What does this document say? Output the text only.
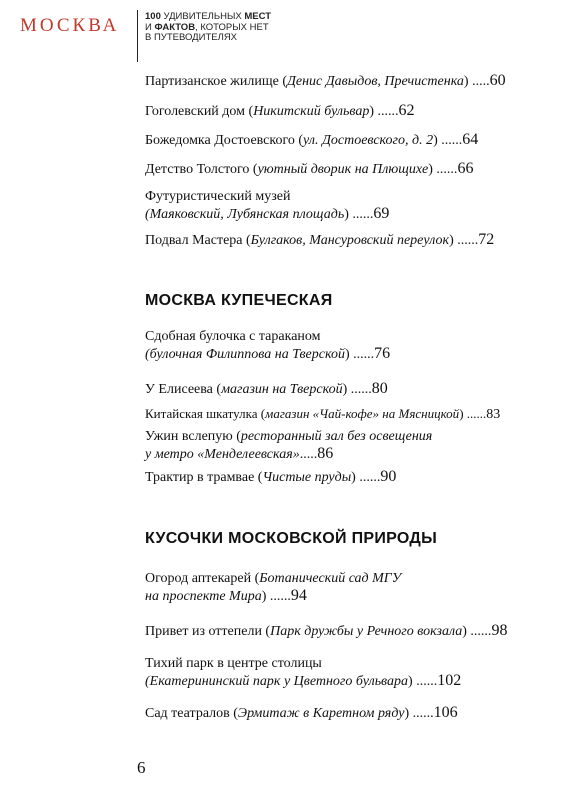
МОСКВА	100 УДИВИТЕЛЬНЫХ МЕСТ
И ФАКТОВ, КОТОРЫХ НЕТ
В ПУТЕВОДИТЕЛЯХ
Партизанское жилище (Денис Давыдов, Пречистенка) .....60
Гоголевский дом (Никитский бульвар) ......62
Божедомка Достоевского (ул. Достоевского, д. 2) ......64
Детство Толстого (уютный дворик на Плющихе) ......66
Футуристический музей
(Маяковский, Лубянская площадь) ......69
Подвал Мастера (Булгаков, Мансуровский переулок) ......72
МОСКВА КУПЕЧЕСКАЯ
Сдобная булочка с тараканом
(булочная Филиппова на Тверской) ......76
У Елисеева (магазин на Тверской) ......80
Китайская шкатулка (магазин «Чай-кофе» на Мясницкой) ......83
Ужин вслепую (ресторанный зал без освещения
у метро «Менделеевская».....86
Трактир в трамвае (Чистые пруды) ......90
КУСОЧКИ МОСКОВСКОЙ ПРИРОДЫ
Огород аптекарей (Ботанический сад МГУ
на проспекте Мира) ......94
Привет из оттепели (Парк дружбы у Речного вокзала) ......98
Тихий парк в центре столицы
(Екатерининский парк у Цветного бульвара) ......102
Сад театралов (Эрмитаж в Каретном ряду) ......106
6
